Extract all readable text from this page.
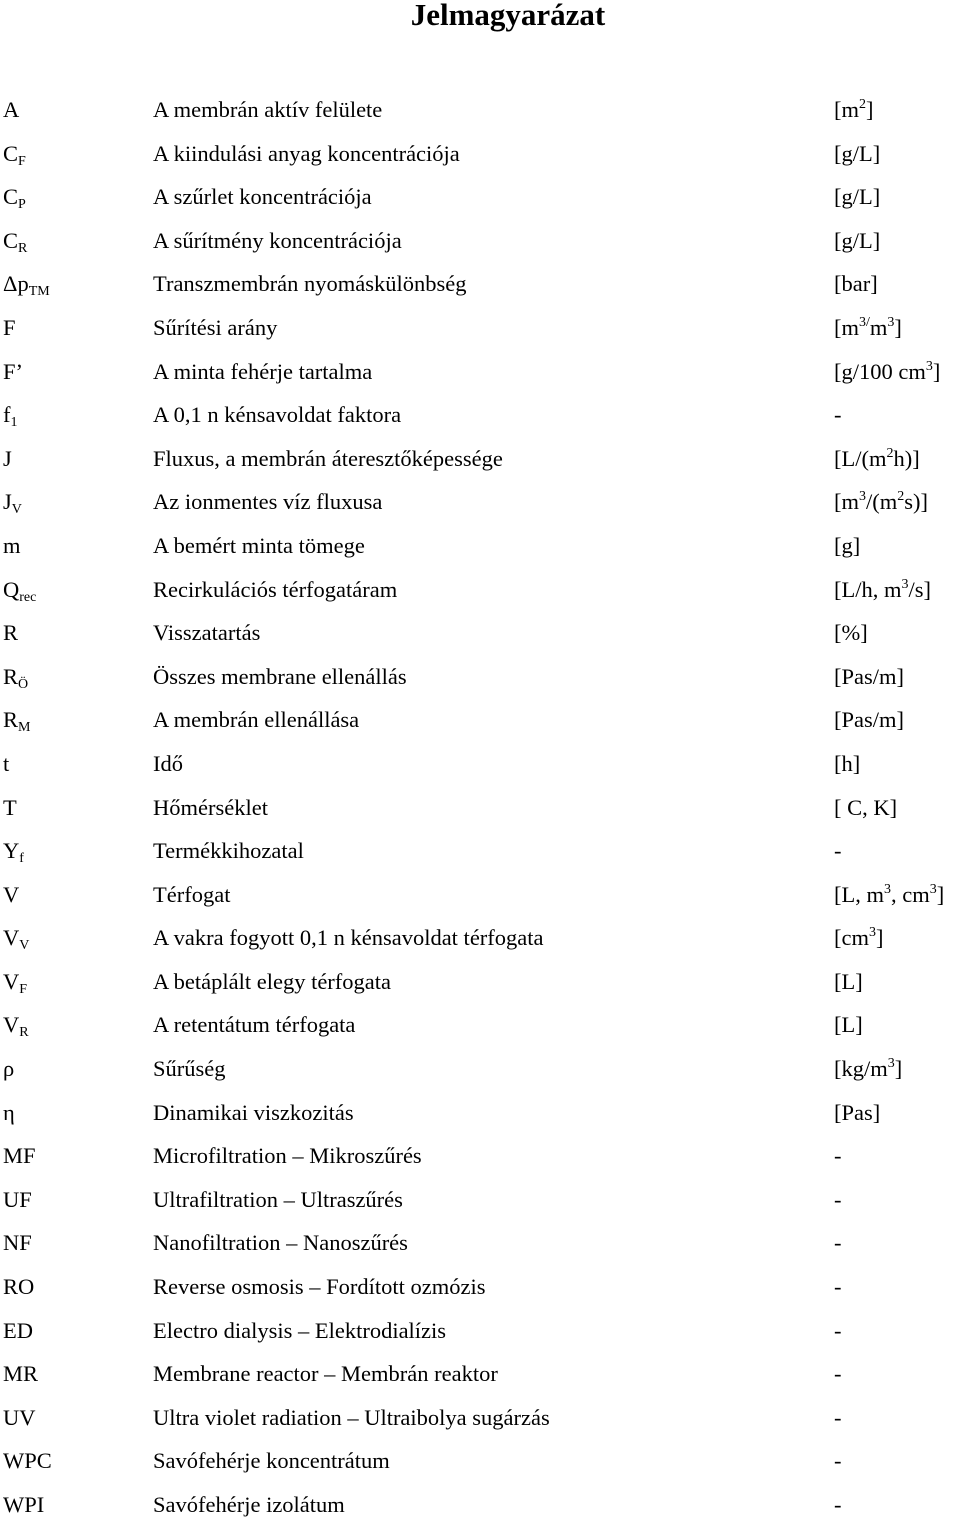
Jelmagyarázat
A	A membrán aktív felülete	$[m^2]$
$C_F$	A kiindulási anyag koncentrációja	[g/L]
$C_P$	A szűrlet koncentrációja	[g/L]
$C_R$	A sűrítmény koncentrációja	[g/L]
$\Delta p_{TM}$	Transzmembrán nyomáskülönbség	[bar]
F	Sűrítési arány	$[m^{3/}m^3]$
F’	A minta fehérje tartalma	[g/100 $cm^3$]
$f_1$	A 0,1 n kénsavoldat faktora	-
J	Fluxus, a membrán áteresztőképessége	$[L/(m^2h)]$
$J_V$	Az ionmentes víz fluxusa	$[m^3/(m^2s)]$
m	A bemért minta tömege	[g]
$Q_{rec}$	Recirkulációs térfogatáram	[L/h, $m^3/s$]
R	Visszatartás	[%]
$R_Ö$	Összes membrane ellenállás	[Pas/m]
$R_M$	A membrán ellenállása	[Pas/m]
t	Idő	[h]
T	Hőmérséklet	[ C, K]
$Y_f$	Termékkihozatal	-
V	Térfogat	[L, $m^3$, $cm^3$]
$V_V$	A vakra fogyott 0,1 n kénsavoldat térfogata	$[cm^3]$
$V_F$	A betáplált elegy térfogata	[L]
$V_R$	A retentátum térfogata	[L]
ρ	Sűrűség	$[kg/m^3]$
η	Dinamikai viszkozitás	[Pas]
MF	Microfiltration – Mikroszűrés	-
UF	Ultrafiltration – Ultraszűrés	-
NF	Nanofiltration – Nanoszűrés	-
RO	Reverse osmosis – Fordított ozmózis	-
ED	Electro dialysis – Elektrodialízis	-
MR	Membrane reactor – Membrán reaktor	-
UV	Ultra violet radiation – Ultraibolya sugárzás	-
WPC	Savófehérje koncentrátum	-
WPI	Savófehérje izolátum	-
